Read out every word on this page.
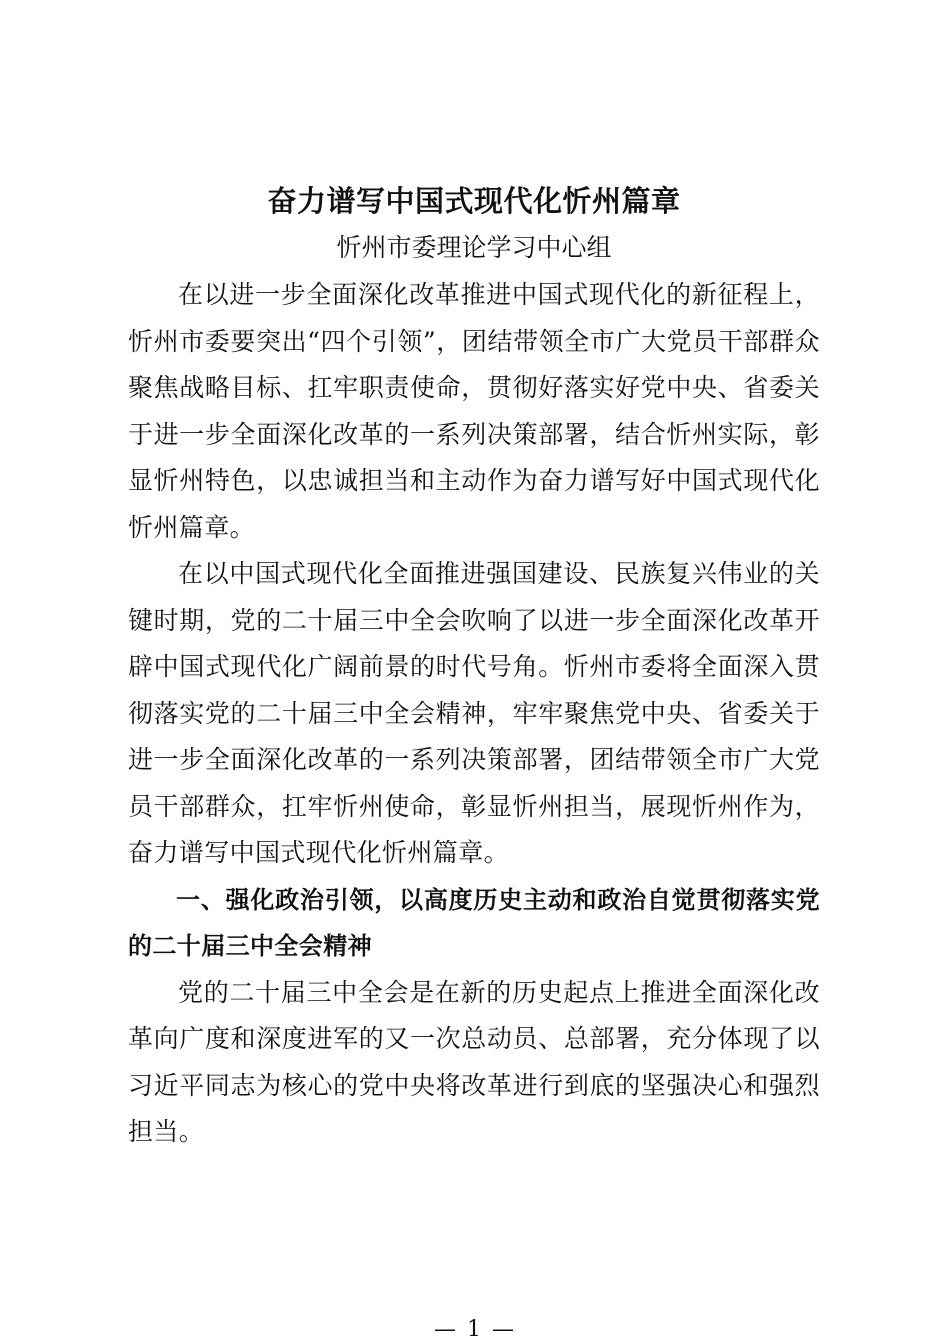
奋力谱写中国式现代化忻州篇章

忻州市委理论学习中心组

在以进一步全面深化改革推进中国式现代化的新征程上，忻州市委要突出“四个引领”，团结带领全市广大党员干部群众聚焦战略目标、扛牢职责使命，贯彻好落实好党中央、省委关于进一步全面深化改革的一系列决策部署，结合忻州实际，彰显忻州特色，以忠诚担当和主动作为奋力谱写好中国式现代化忻州篇章。

在以中国式现代化全面推进强国建设、民族复兴伟业的关键时期，党的二十届三中全会吹响了以进一步全面深化改革开辟中国式现代化广阔前景的时代号角。忻州市委将全面深入贯彻落实党的二十届三中全会精神，牢牢聚焦党中央、省委关于进一步全面深化改革的一系列决策部署，团结带领全市广大党员干部群众，扛牢忻州使命，彰显忻州担当，展现忻州作为，奋力谱写中国式现代化忻州篇章。

一、强化政治引领，以高度历史主动和政治自觉贯彻落实党的二十届三中全会精神

党的二十届三中全会是在新的历史起点上推进全面深化改革向广度和深度进军的又一次总动员、总部署，充分体现了以习近平同志为核心的党中央将改革进行到底的坚强决心和强烈担当。

— 1 —
